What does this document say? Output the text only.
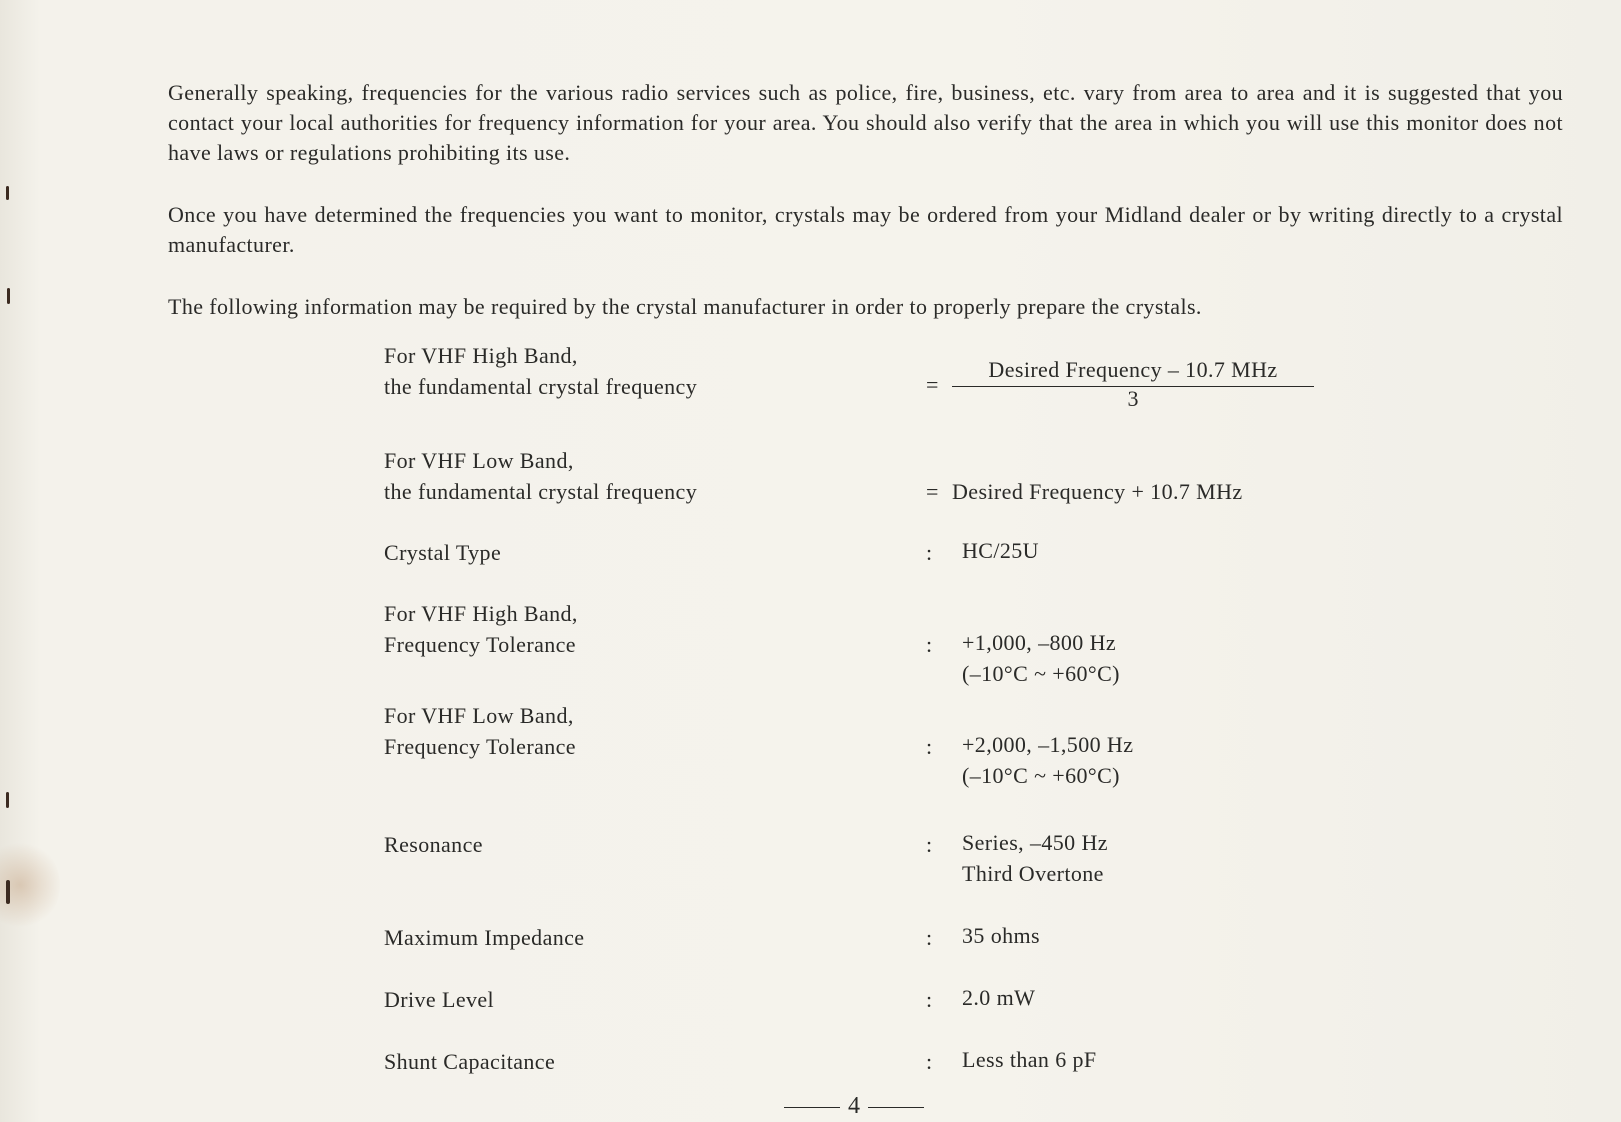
Generally speaking, frequencies for the various radio services such as police, fire, business, etc. vary from area to area and it is suggested that you contact your local authorities for frequency information for your area. You should also verify that the area in which you will use this monitor does not have laws or regulations prohibiting its use.

Once you have determined the frequencies you want to monitor, crystals may be ordered from your Midland dealer or by writing directly to a crystal manufacturer.

The following information may be required by the crystal manufacturer in order to properly prepare the crystals.

For VHF High Band,
the fundamental crystal frequency	=
Desired Frequency – 10.7 MHz
3
For VHF Low Band,
the fundamental crystal frequency	= Desired Frequency + 10.7 MHz
Crystal Type	: HC/25U
For VHF High Band,
Frequency Tolerance	: +1,000, –800 Hz
(–10°C ~ +60°C)
For VHF Low Band,
Frequency Tolerance	: +2,000, –1,500 Hz
(–10°C ~ +60°C)
Resonance	: Series, –450 Hz
Third Overtone
Maximum Impedance	: 35 ohms
Drive Level	: 2.0 mW
Shunt Capacitance	: Less than 6 pF
4
